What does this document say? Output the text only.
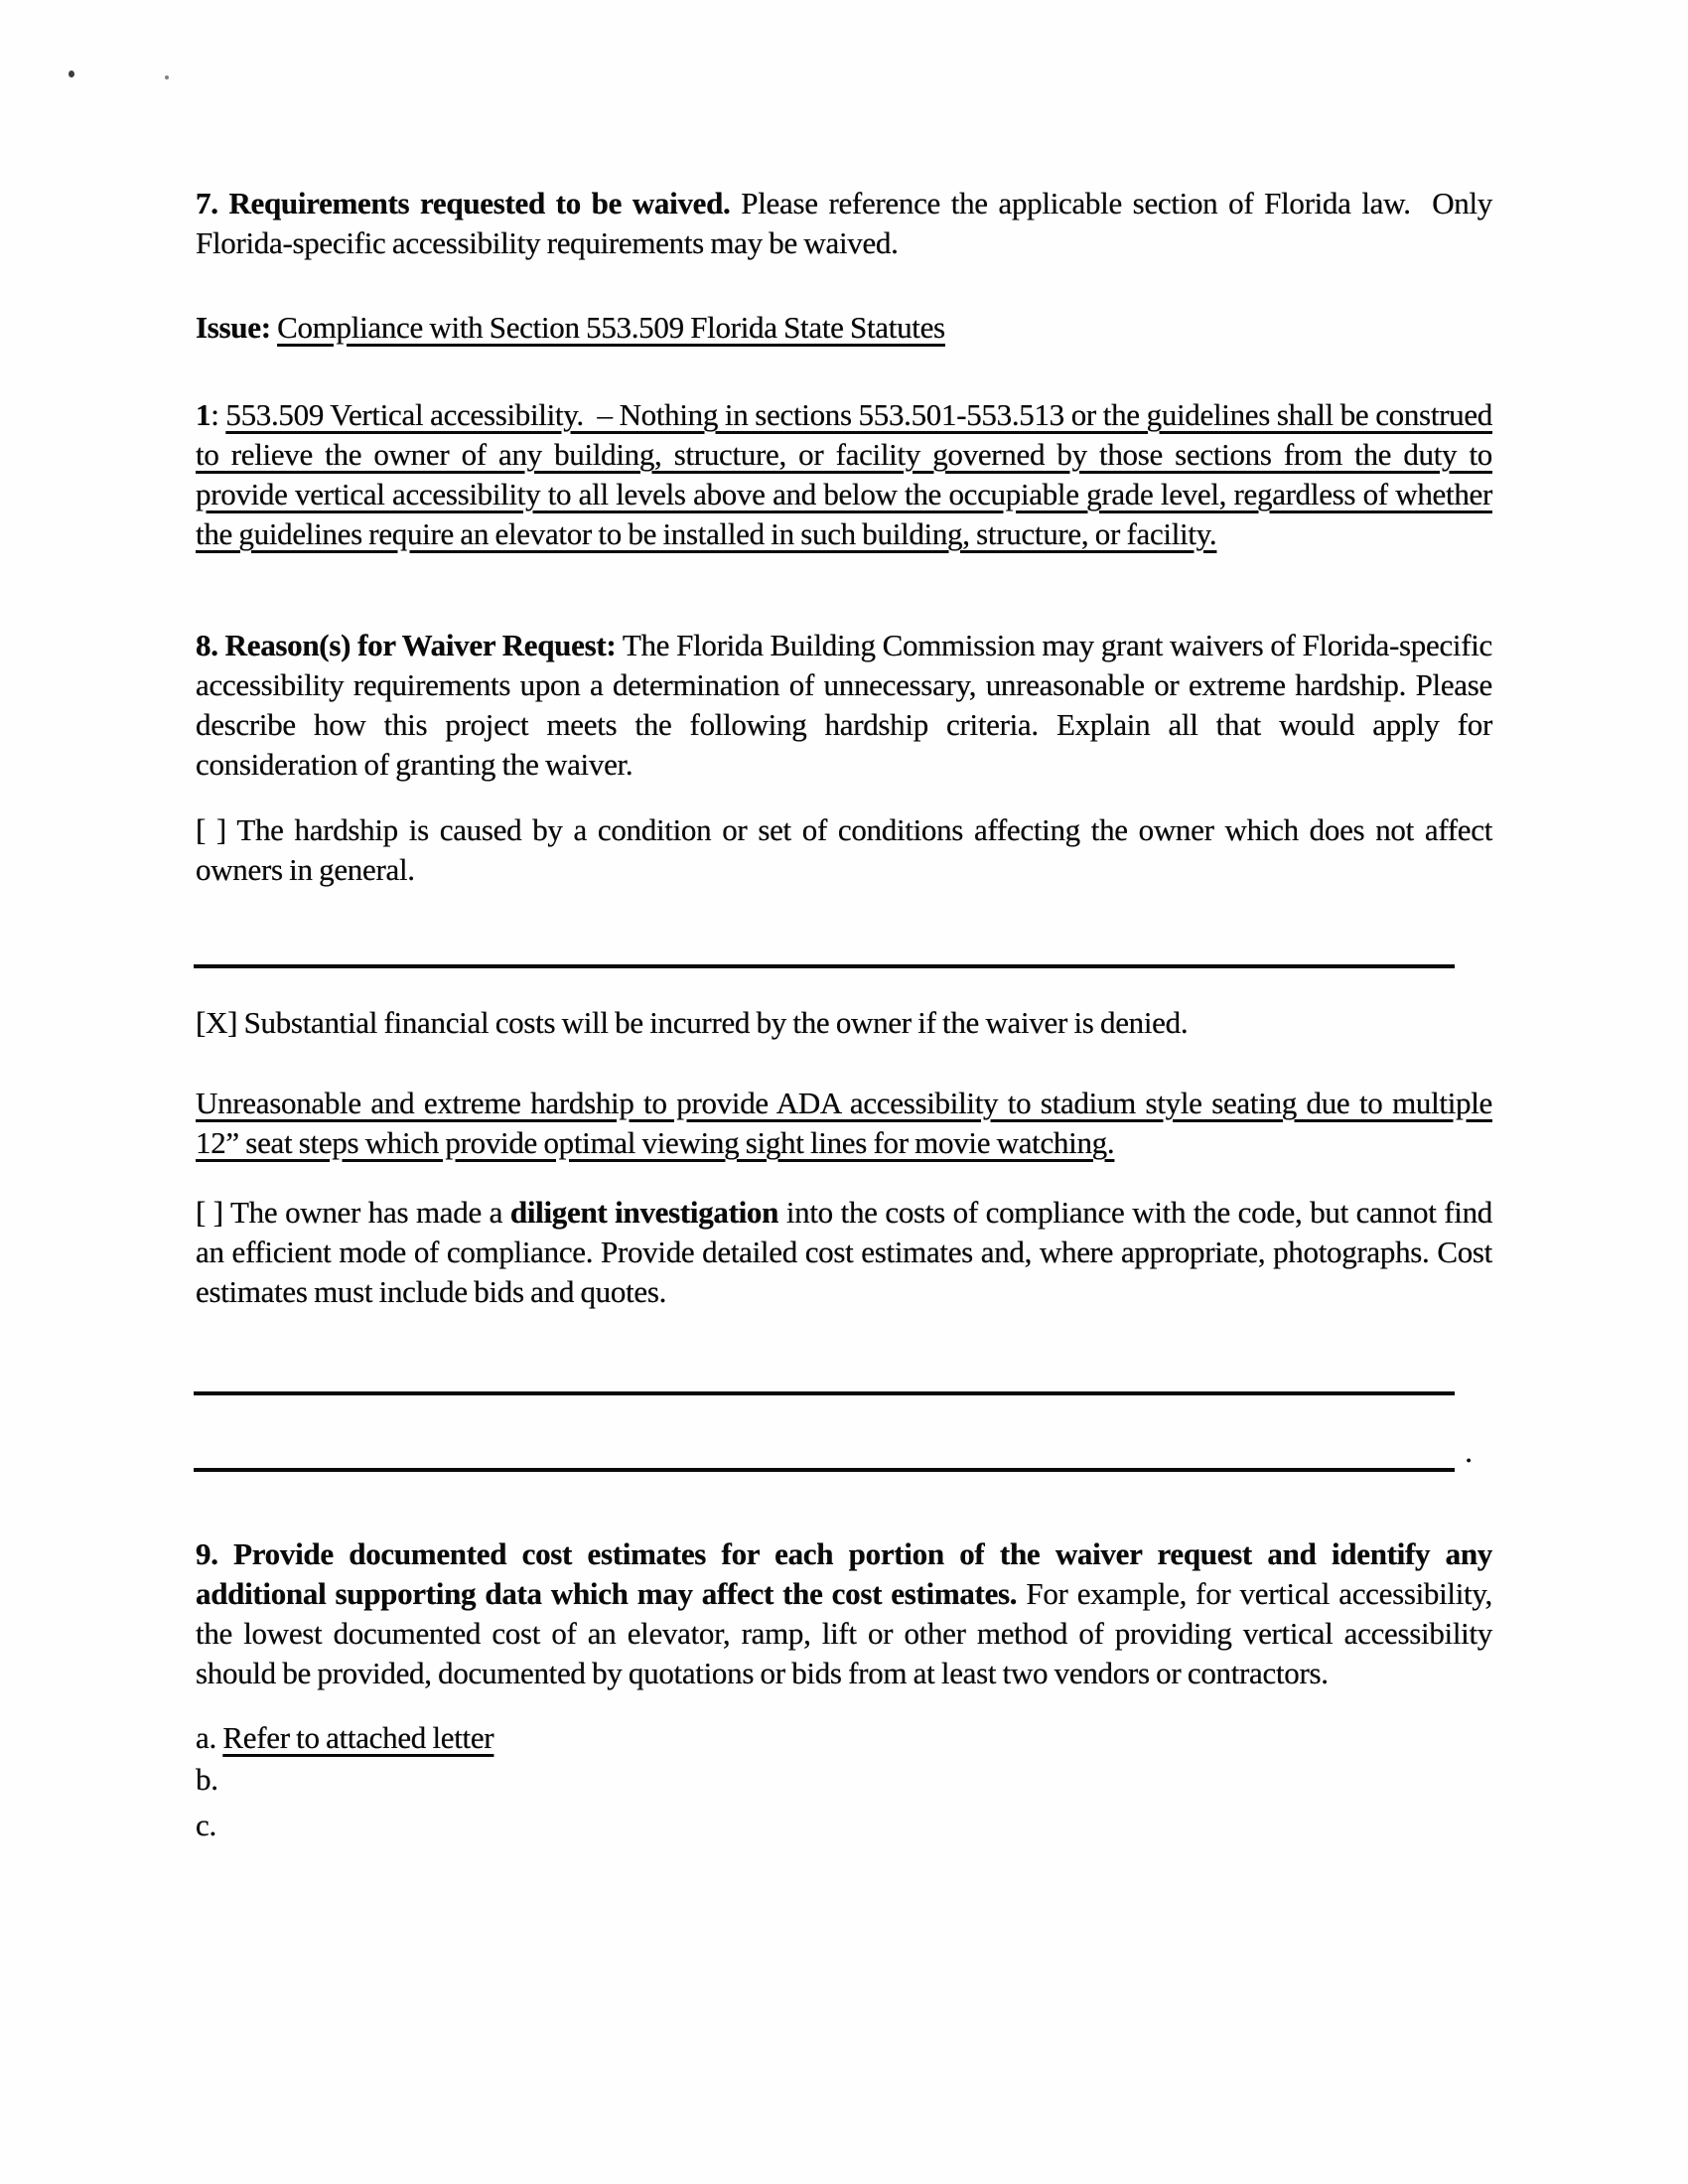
7. Requirements requested to be waived. Please reference the applicable section of Florida law.  Only Florida-specific accessibility requirements may be waived.

Issue: Compliance with Section 553.509 Florida State Statutes

1: 553.509 Vertical accessibility.  – Nothing in sections 553.501-553.513 or the guidelines shall be construed to relieve the owner of any building, structure, or facility governed by those sections from the duty to provide vertical accessibility to all levels above and below the occupiable grade level, regardless of whether the guidelines require an elevator to be installed in such building, structure, or facility.

8. Reason(s) for Waiver Request: The Florida Building Commission may grant waivers of Florida-specific accessibility requirements upon a determination of unnecessary, unreasonable or extreme hardship. Please describe how this project meets the following hardship criteria. Explain all that would apply for consideration of granting the waiver.

[ ] The hardship is caused by a condition or set of conditions affecting the owner which does not affect owners in general.

[X] Substantial financial costs will be incurred by the owner if the waiver is denied.

Unreasonable and extreme hardship to provide ADA accessibility to stadium style seating due to multiple 12” seat steps which provide optimal viewing sight lines for movie watching.

[ ] The owner has made a diligent investigation into the costs of compliance with the code, but cannot find an efficient mode of compliance. Provide detailed cost estimates and, where appropriate, photographs. Cost estimates must include bids and quotes.

.

9. Provide documented cost estimates for each portion of the waiver request and identify any additional supporting data which may affect the cost estimates. For example, for vertical accessibility, the lowest documented cost of an elevator, ramp, lift or other method of providing vertical accessibility should be provided, documented by quotations or bids from at least two vendors or contractors.

a. Refer to attached letter

b.

c.
